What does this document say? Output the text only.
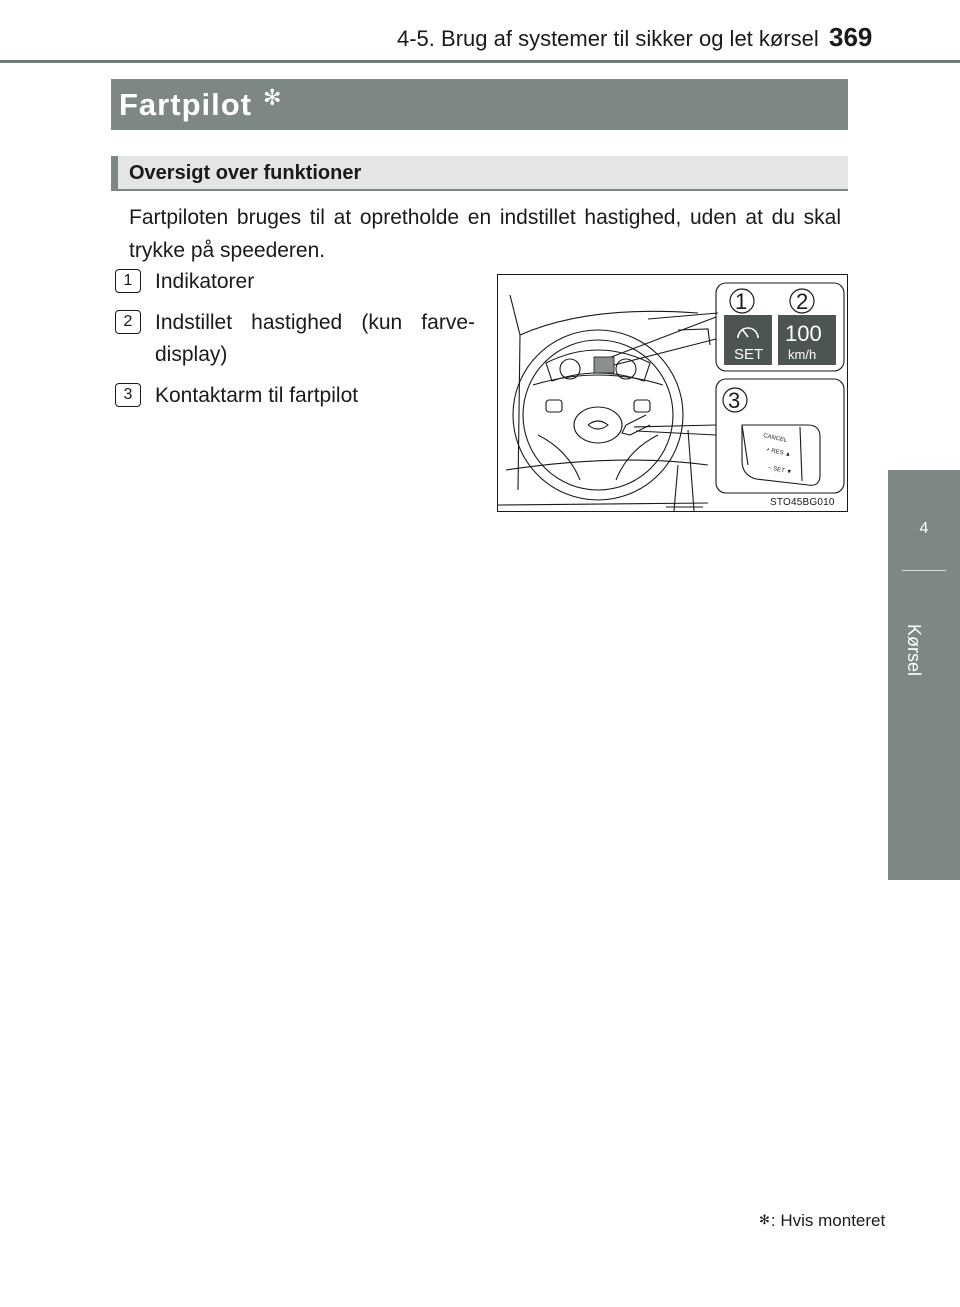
4-5. Brug af systemer til sikker og let kørsel 369
4
Kørsel
Fartpilot ✻
Oversigt over funktioner

Fartpiloten bruges til at opretholde en indstillet hastighed, uden at du skal trykke på speederen.

1	Indikatorer
2	Indstillet hastighed (kun farve-
display)
3	Kontaktarm til fartpilot
1 2
3
SET
100
km/h
CANCEL
+ RES ▲
– SET ▼
STO45BG010
✻: Hvis monteret
